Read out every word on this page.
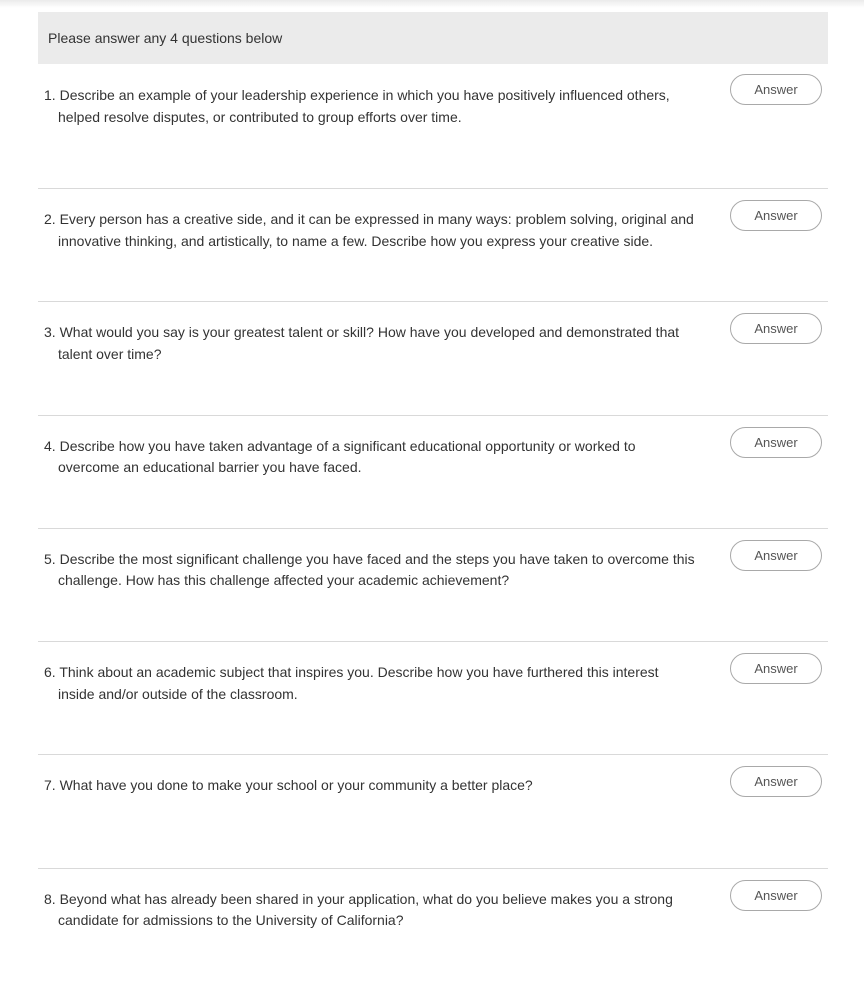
Please answer any 4 questions below
1. Describe an example of your leadership experience in which you have positively influenced others, helped resolve disputes, or contributed to group efforts over time.
Answer
2. Every person has a creative side, and it can be expressed in many ways: problem solving, original and innovative thinking, and artistically, to name a few. Describe how you express your creative side.
Answer
3. What would you say is your greatest talent or skill? How have you developed and demonstrated that talent over time?
Answer
4. Describe how you have taken advantage of a significant educational opportunity or worked to overcome an educational barrier you have faced.
Answer
5. Describe the most significant challenge you have faced and the steps you have taken to overcome this challenge. How has this challenge affected your academic achievement?
Answer
6. Think about an academic subject that inspires you. Describe how you have furthered this interest inside and/or outside of the classroom.
Answer
7. What have you done to make your school or your community a better place?	Answer
8. Beyond what has already been shared in your application, what do you believe makes you a strong candidate for admissions to the University of California?
Answer
